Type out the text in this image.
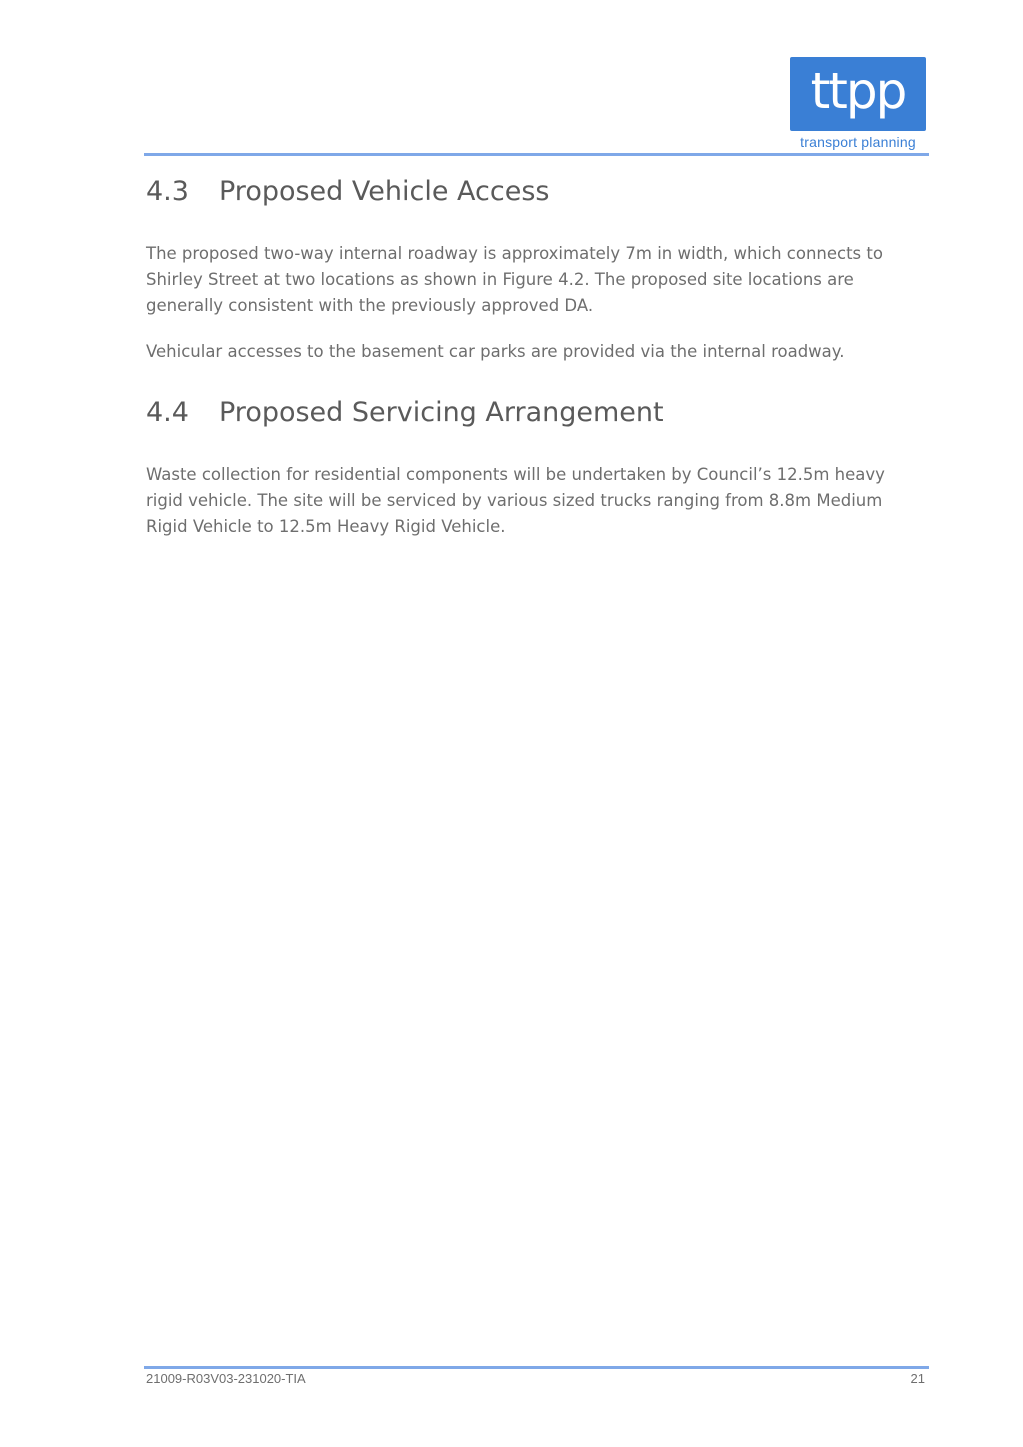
ttpp
transport planning
4.3 Proposed Vehicle Access

The proposed two-way internal roadway is approximately 7m in width, which connects to Shirley Street at two locations as shown in Figure 4.2. The proposed site locations are generally consistent with the previously approved DA.

Vehicular accesses to the basement car parks are provided via the internal roadway.

4.4 Proposed Servicing Arrangement

Waste collection for residential components will be undertaken by Council’s 12.5m heavy rigid vehicle. The site will be serviced by various sized trucks ranging from 8.8m Medium Rigid Vehicle to 12.5m Heavy Rigid Vehicle.

21009-R03V03-231020-TIA	21
